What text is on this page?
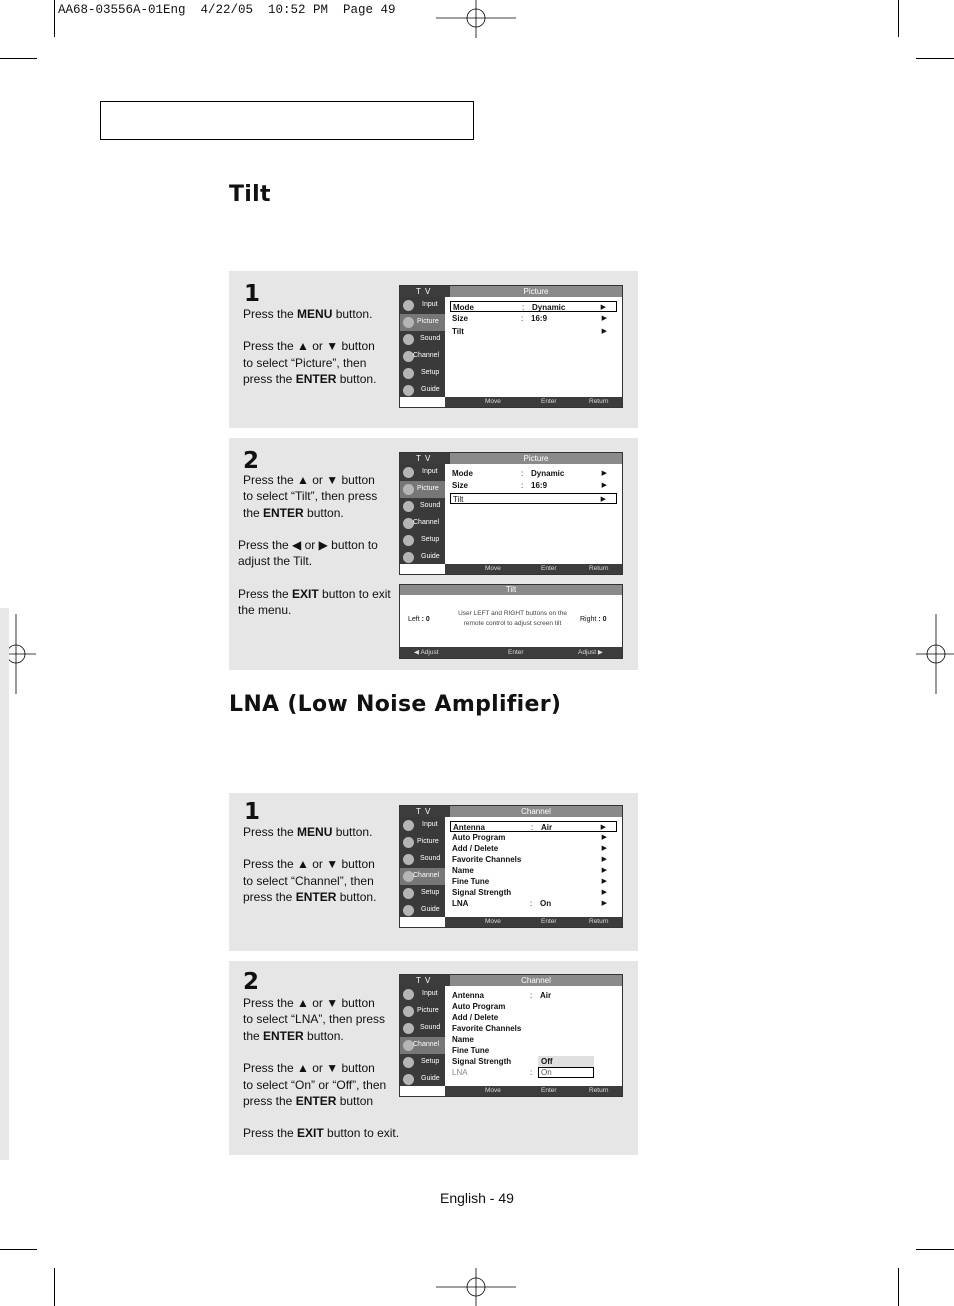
AA68-03556A-01Eng  4/22/05  10:52 PM  Page 49
Tilt
1
Press the MENU button.
Press the ▲ or ▼ button
to select “Picture”, then
press the ENTER button.
T V	Picture
Input
Picture
Sound
Channel
Setup
Guide
Mode	: Dynamic	▶
Size	: 16:9	▶
Tilt	▶
Move	Enter	Return
2
Press the ▲ or ▼ button
to select “Tilt”, then press
the ENTER button.
Press the ◀ or ▶ button to
adjust the Tilt.
Press the EXIT button to exit
the menu.
T V	Picture
Input
Picture
Sound
Channel
Setup
Guide
Mode	: Dynamic	▶
Size	: 16:9	▶
Tilt	▶
Move	Enter	Return
Tilt
Left : 0
User LEFT and RIGHT buttons on the
remote control to adjust screen tilt
Right : 0
◀ Adjust	Enter	Adjust ▶
LNA (Low Noise Amplifier)
1
Press the MENU button.
Press the ▲ or ▼ button
to select “Channel”, then
press the ENTER button.
T V	Channel
Input
Picture
Sound
Channel
Setup
Guide
Antenna	: Air	▶
Auto Program	▶
Add / Delete	▶
Favorite Channels	▶
Name	▶
Fine Tune	▶
Signal Strength	▶
LNA	: On	▶
Move	Enter	Return
2
Press the ▲ or ▼ button
to select “LNA”, then press
the ENTER button.
Press the ▲ or ▼ button
to select “On” or “Off”, then
press the ENTER button
Press the EXIT button to exit.
T V	Channel
Input
Picture
Sound
Channel
Setup
Guide
Antenna	: Air
Auto Program
Add / Delete
Favorite Channels
Name
Fine Tune
Signal Strength
LNA	:
Off
On
Move	Enter	Return
English - 49
